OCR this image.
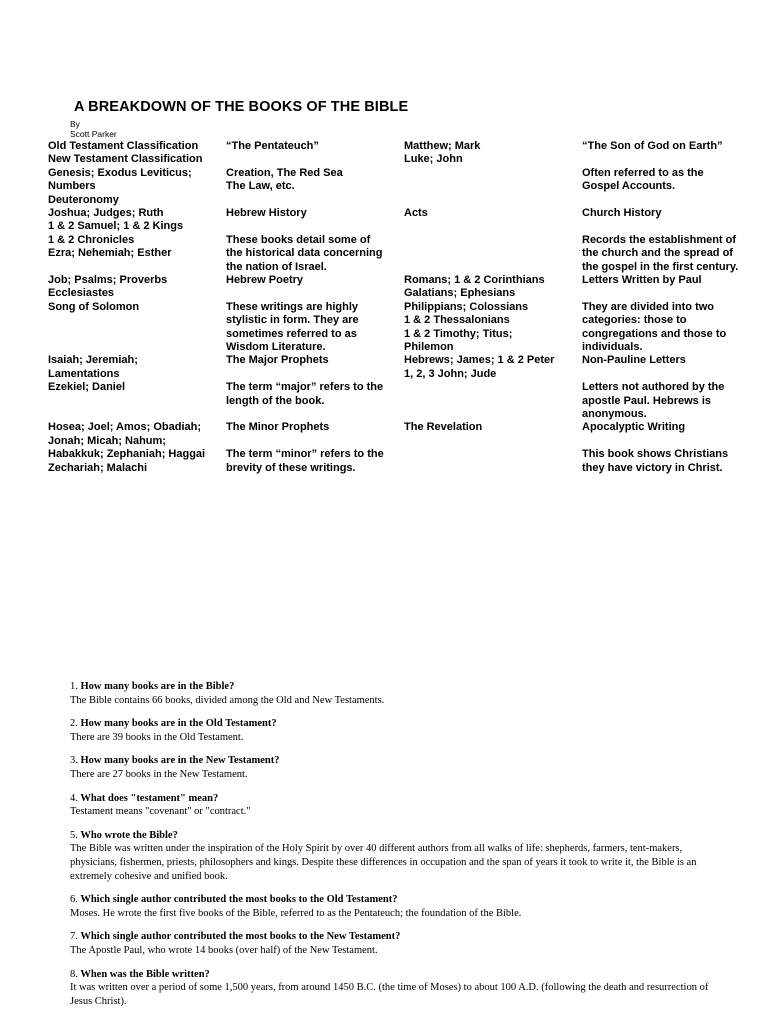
A BREAKDOWN OF THE BOOKS OF THE BIBLE
By
Scott Parker
Old Testament Classification
New Testament Classification
Genesis; Exodus Leviticus;
Numbers
Deuteronomy
Joshua; Judges; Ruth
1 & 2 Samuel; 1 & 2 Kings
1 & 2 Chronicles
Ezra; Nehemiah; Esther
Job; Psalms; Proverbs
Ecclesiastes
Song of Solomon
Isaiah; Jeremiah;
Lamentations
Ezekiel; Daniel
Hosea; Joel; Amos; Obadiah;
Jonah; Micah; Nahum;
Habakkuk; Zephaniah; Haggai
Zechariah; Malachi
“The Pentateuch”
Creation, The Red Sea
The Law, etc.
Hebrew History
These books detail some of
the historical data concerning
the nation of Israel.
Hebrew Poetry
These writings are highly
stylistic in form. They are
sometimes referred to as
Wisdom Literature.
The Major Prophets
The term “major” refers to the
length of the book.
The Minor Prophets
The term “minor” refers to the
brevity of these writings.
Matthew; Mark
Luke; John
Acts
Romans; 1 & 2 Corinthians
Galatians; Ephesians
Philippians; Colossians
1 & 2 Thessalonians
1 & 2 Timothy; Titus;
Philemon
Hebrews; James; 1 & 2 Peter
1, 2, 3 John; Jude
The Revelation
“The Son of God on Earth”
Often referred to as the
Gospel Accounts.
Church History
Records the establishment of
the church and the spread of
the gospel in the first century.
Letters Written by Paul
They are divided into two
categories: those to
congregations and those to
individuals.
Non-Pauline Letters
Letters not authored by the
apostle Paul. Hebrews is
anonymous.
Apocalyptic Writing
This book shows Christians
they have victory in Christ.
1. How many books are in the Bible?
The Bible contains 66 books, divided among the Old and New Testaments.
2. How many books are in the Old Testament?
There are 39 books in the Old Testament.
3. How many books are in the New Testament?
There are 27 books in the New Testament.
4. What does "testament" mean?
Testament means "covenant" or "contract."
5. Who wrote the Bible?
The Bible was written under the inspiration of the Holy Spirit by over 40 different authors from all walks of life: shepherds, farmers, tent-makers, physicians, fishermen, priests, philosophers and kings. Despite these differences in occupation and the span of years it took to write it, the Bible is an extremely cohesive and unified book.
6. Which single author contributed the most books to the Old Testament?
Moses. He wrote the first five books of the Bible, referred to as the Pentateuch; the foundation of the Bible.
7. Which single author contributed the most books to the New Testament?
The Apostle Paul, who wrote 14 books (over half) of the New Testament.
8. When was the Bible written?
It was written over a period of some 1,500 years, from around 1450 B.C. (the time of Moses) to about 100 A.D. (following the death and resurrection of Jesus Christ).
